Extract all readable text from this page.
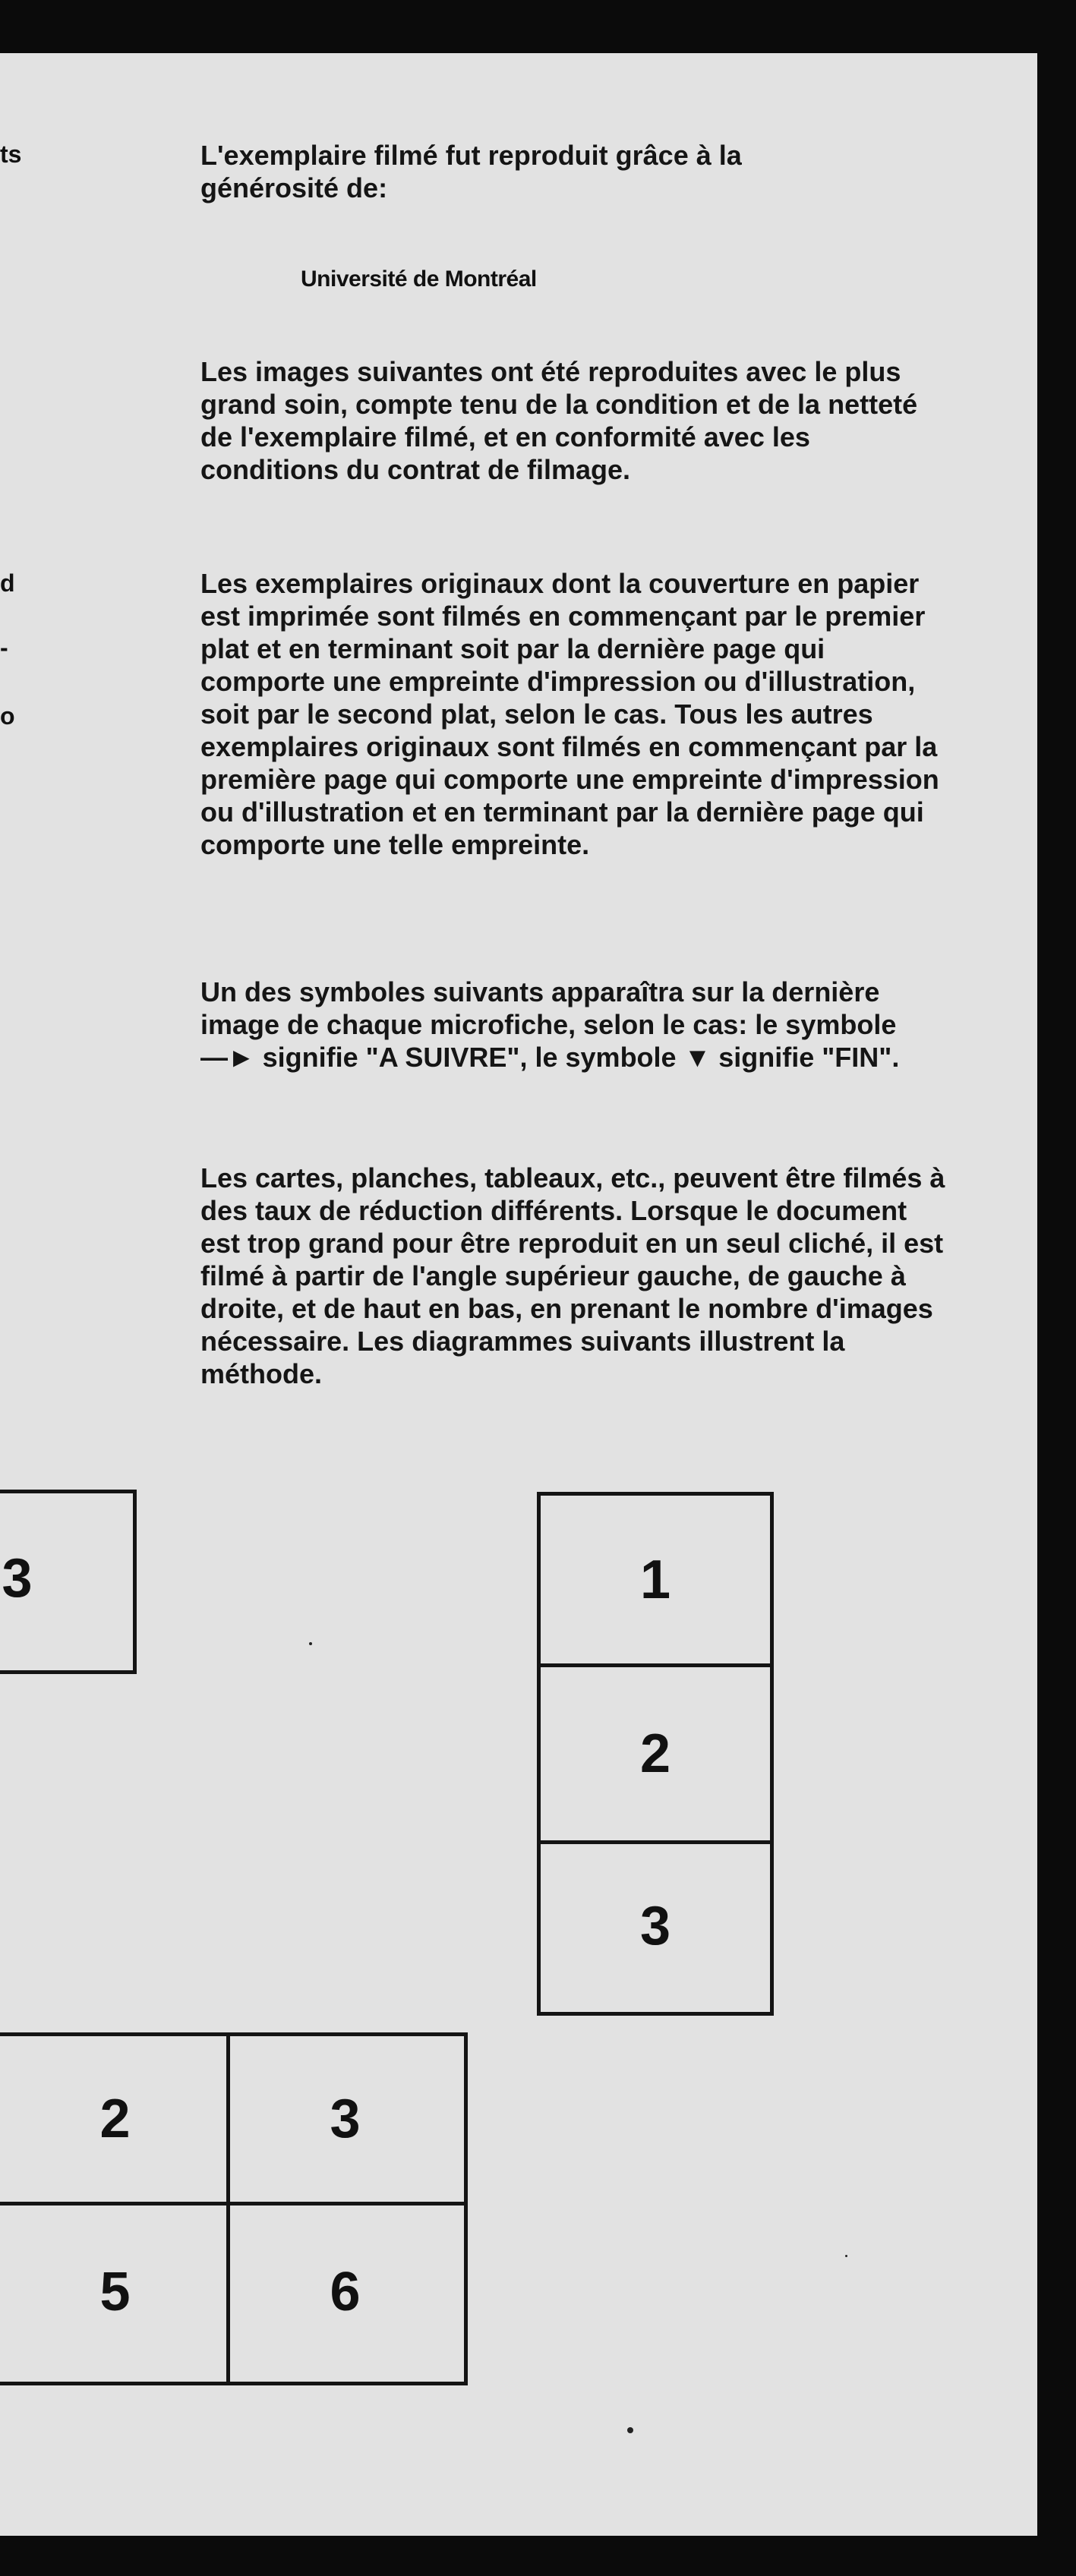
ts
d
-
o

L'exemplaire filmé fut reproduit grâce à la générosité de:

Université de Montréal

Les images suivantes ont été reproduites avec le plus grand soin, compte tenu de la condition et de la netteté de l'exemplaire filmé, et en conformité avec les conditions du contrat de filmage.

Les exemplaires originaux dont la couverture en papier est imprimée sont filmés en commençant par le premier plat et en terminant soit par la dernière page qui comporte une empreinte d'impression ou d'illustration, soit par le second plat, selon le cas. Tous les autres exemplaires originaux sont filmés en commençant par la première page qui comporte une empreinte d'impression ou d'illustration et en terminant par la dernière page qui comporte une telle empreinte.

Un des symboles suivants apparaîtra sur la dernière image de chaque microfiche, selon le cas: le symbole —► signifie "A SUIVRE", le symbole ▼ signifie "FIN".

Les cartes, planches, tableaux, etc., peuvent être filmés à des taux de réduction différents. Lorsque le document est trop grand pour être reproduit en un seul cliché, il est filmé à partir de l'angle supérieur gauche, de gauche à droite, et de haut en bas, en prenant le nombre d'images nécessaire. Les diagrammes suivants illustrent la méthode.

3	1
2
3
2	3
5	6
